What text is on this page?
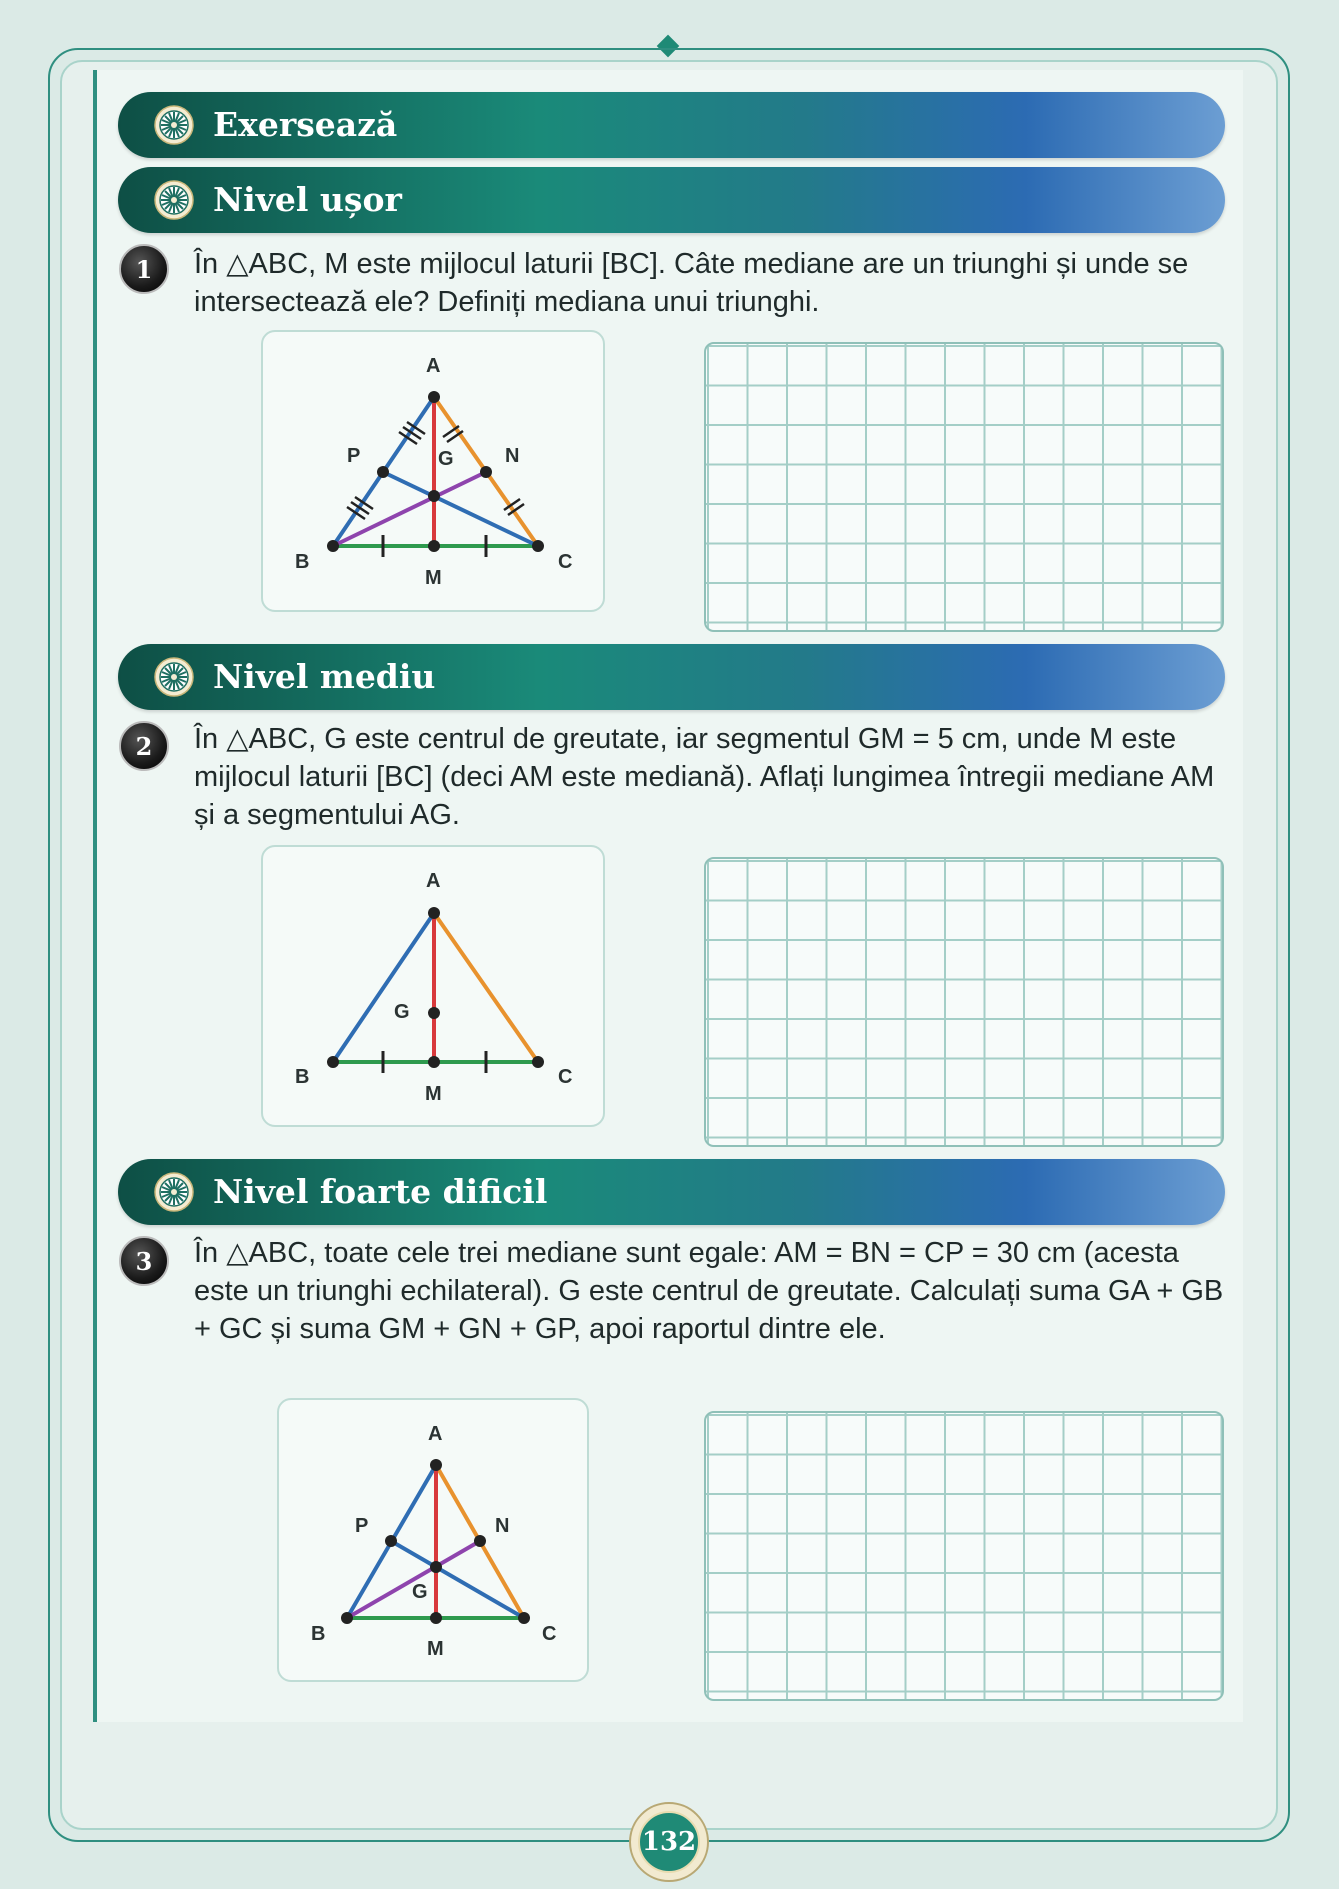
Exersează
Nivel ușor
1	În △ABC, M este mijlocul laturii [BC]. Câte mediane are un triunghi și unde se intersectează ele? Definiți mediana unui triunghi.
A
B	C
M
N
P	G
Nivel mediu
2	În △ABC, G este centrul de greutate, iar segmentul GM = 5 cm, unde M este mijlocul laturii [BC] (deci AM este mediană). Aflați lungimea întregii mediane AM și a segmentului AG.
A
B	C
M
G
Nivel foarte dificil
3	În △ABC, toate cele trei mediane sunt egale: AM = BN = CP = 30 cm (acesta este un triunghi echilateral). G este centrul de greutate. Calculați suma GA + GB + GC și suma GM + GN + GP, apoi raportul dintre ele.
A
B	C
M
N
P
G
132
